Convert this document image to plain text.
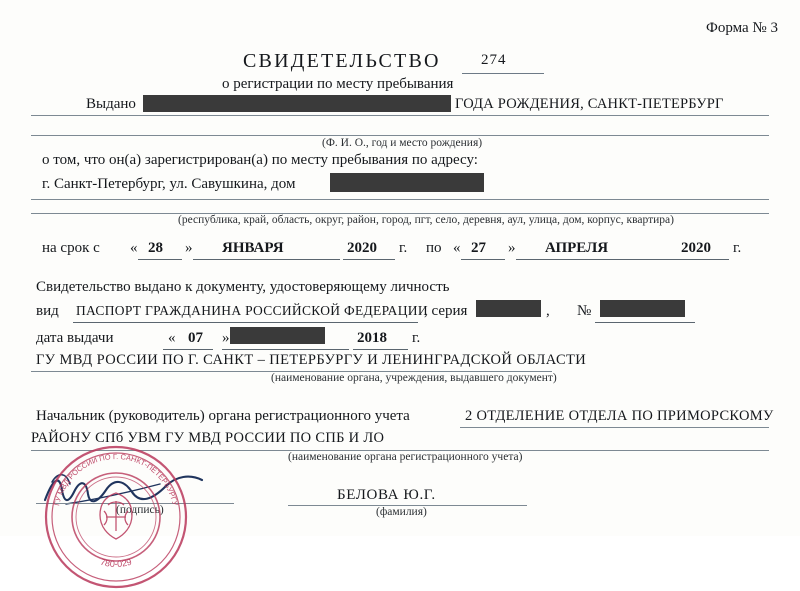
Форма № 3
СВИДЕТЕЛЬСТВО	274
о регистрации по месту пребывания
Выдано	ГОДА РОЖДЕНИЯ, САНКТ-ПЕТЕРБУРГ
(Ф. И. О., год и место рождения)
о том, что он(а) зарегистрирован(а) по месту пребывания по адресу:
г. Санкт-Петербург, ул. Савушкина, дом
(республика, край, область, округ, район, город, пгт, село, деревня, аул, улица, дом, корпус, квартира)
на срок с « 28 » ЯНВАРЯ	2020 г. по « 27 » АПРЕЛЯ	2020 г.
Свидетельство выдано к документу, удостоверяющему личность
вид ПАСПОРТ ГРАЖДАНИНА РОССИЙСКОЙ ФЕДЕРАЦИИ
, серия	, №
дата выдачи	« 07 »	2018 г.
ГУ МВД РОССИИ ПО Г. САНКТ – ПЕТЕРБУРГУ И ЛЕНИНГРАДСКОЙ ОБЛАСТИ
(наименование органа, учреждения, выдавшего документ)
Начальник (руководитель) органа регистрационного учета	2 ОТДЕЛЕНИЕ ОТДЕЛА ПО ПРИМОРСКОМУ
РАЙОНУ СПб УВМ ГУ МВД РОССИИ ПО СПБ И ЛО
(наименование органа регистрационного учета)
(подпись)
БЕЛОВА Ю.Г.
(фамилия)
ГУ МВД РОССИИ ПО Г. САНКТ-ПЕТЕРБУРГУ
780-029
